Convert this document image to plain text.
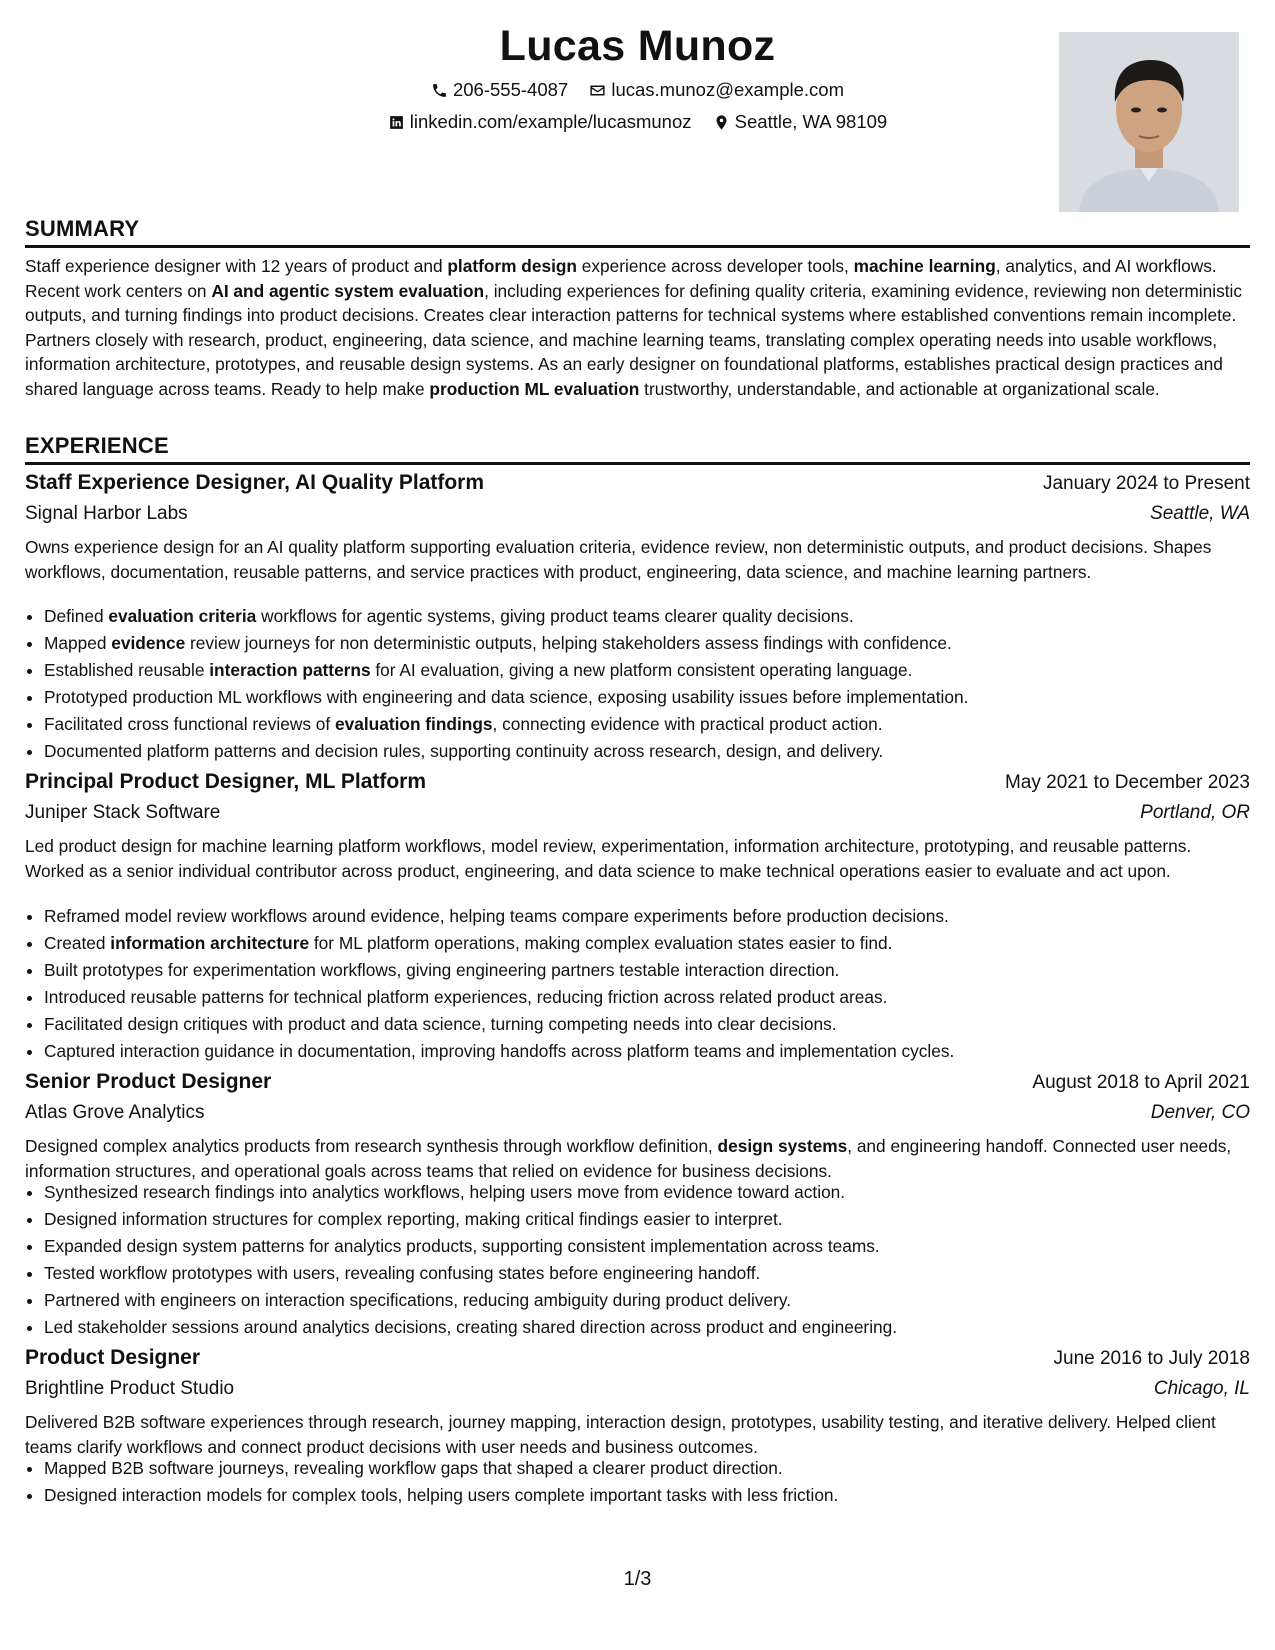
Lucas Munoz
206-555-4087
lucas.munoz@example.com
linkedin.com/example/lucasmunoz
Seattle, WA 98109
SUMMARY
Staff experience designer with 12 years of product and platform design experience across developer tools, machine learning, analytics, and AI workflows. Recent work centers on AI and agentic system evaluation, including experiences for defining quality criteria, examining evidence, reviewing non deterministic outputs, and turning findings into product decisions. Creates clear interaction patterns for technical systems where established conventions remain incomplete. Partners closely with research, product, engineering, data science, and machine learning teams, translating complex operating needs into usable workflows, information architecture, prototypes, and reusable design systems. As an early designer on foundational platforms, establishes practical design practices and shared language across teams. Ready to help make production ML evaluation trustworthy, understandable, and actionable at organizational scale.
EXPERIENCE
Staff Experience Designer, AI Quality Platform	January 2024 to Present
Signal Harbor Labs	Seattle, WA
Owns experience design for an AI quality platform supporting evaluation criteria, evidence review, non deterministic outputs, and product decisions. Shapes workflows, documentation, reusable patterns, and service practices with product, engineering, data science, and machine learning partners.
• Defined evaluation criteria workflows for agentic systems, giving product teams clearer quality decisions.
• Mapped evidence review journeys for non deterministic outputs, helping stakeholders assess findings with confidence.
• Established reusable interaction patterns for AI evaluation, giving a new platform consistent operating language.
• Prototyped production ML workflows with engineering and data science, exposing usability issues before implementation.
• Facilitated cross functional reviews of evaluation findings, connecting evidence with practical product action.
• Documented platform patterns and decision rules, supporting continuity across research, design, and delivery.
Principal Product Designer, ML Platform	May 2021 to December 2023
Juniper Stack Software	Portland, OR
Led product design for machine learning platform workflows, model review, experimentation, information architecture, prototyping, and reusable patterns. Worked as a senior individual contributor across product, engineering, and data science to make technical operations easier to evaluate and act upon.
• Reframed model review workflows around evidence, helping teams compare experiments before production decisions.
• Created information architecture for ML platform operations, making complex evaluation states easier to find.
• Built prototypes for experimentation workflows, giving engineering partners testable interaction direction.
• Introduced reusable patterns for technical platform experiences, reducing friction across related product areas.
• Facilitated design critiques with product and data science, turning competing needs into clear decisions.
• Captured interaction guidance in documentation, improving handoffs across platform teams and implementation cycles.
Senior Product Designer	August 2018 to April 2021
Atlas Grove Analytics	Denver, CO
Designed complex analytics products from research synthesis through workflow definition, design systems, and engineering handoff. Connected user needs, information structures, and operational goals across teams that relied on evidence for business decisions.
• Synthesized research findings into analytics workflows, helping users move from evidence toward action.
• Designed information structures for complex reporting, making critical findings easier to interpret.
• Expanded design system patterns for analytics products, supporting consistent implementation across teams.
• Tested workflow prototypes with users, revealing confusing states before engineering handoff.
• Partnered with engineers on interaction specifications, reducing ambiguity during product delivery.
• Led stakeholder sessions around analytics decisions, creating shared direction across product and engineering.
Product Designer	June 2016 to July 2018
Brightline Product Studio	Chicago, IL
Delivered B2B software experiences through research, journey mapping, interaction design, prototypes, usability testing, and iterative delivery. Helped client teams clarify workflows and connect product decisions with user needs and business outcomes.
• Mapped B2B software journeys, revealing workflow gaps that shaped a clearer product direction.
• Designed interaction models for complex tools, helping users complete important tasks with less friction.
1/3
